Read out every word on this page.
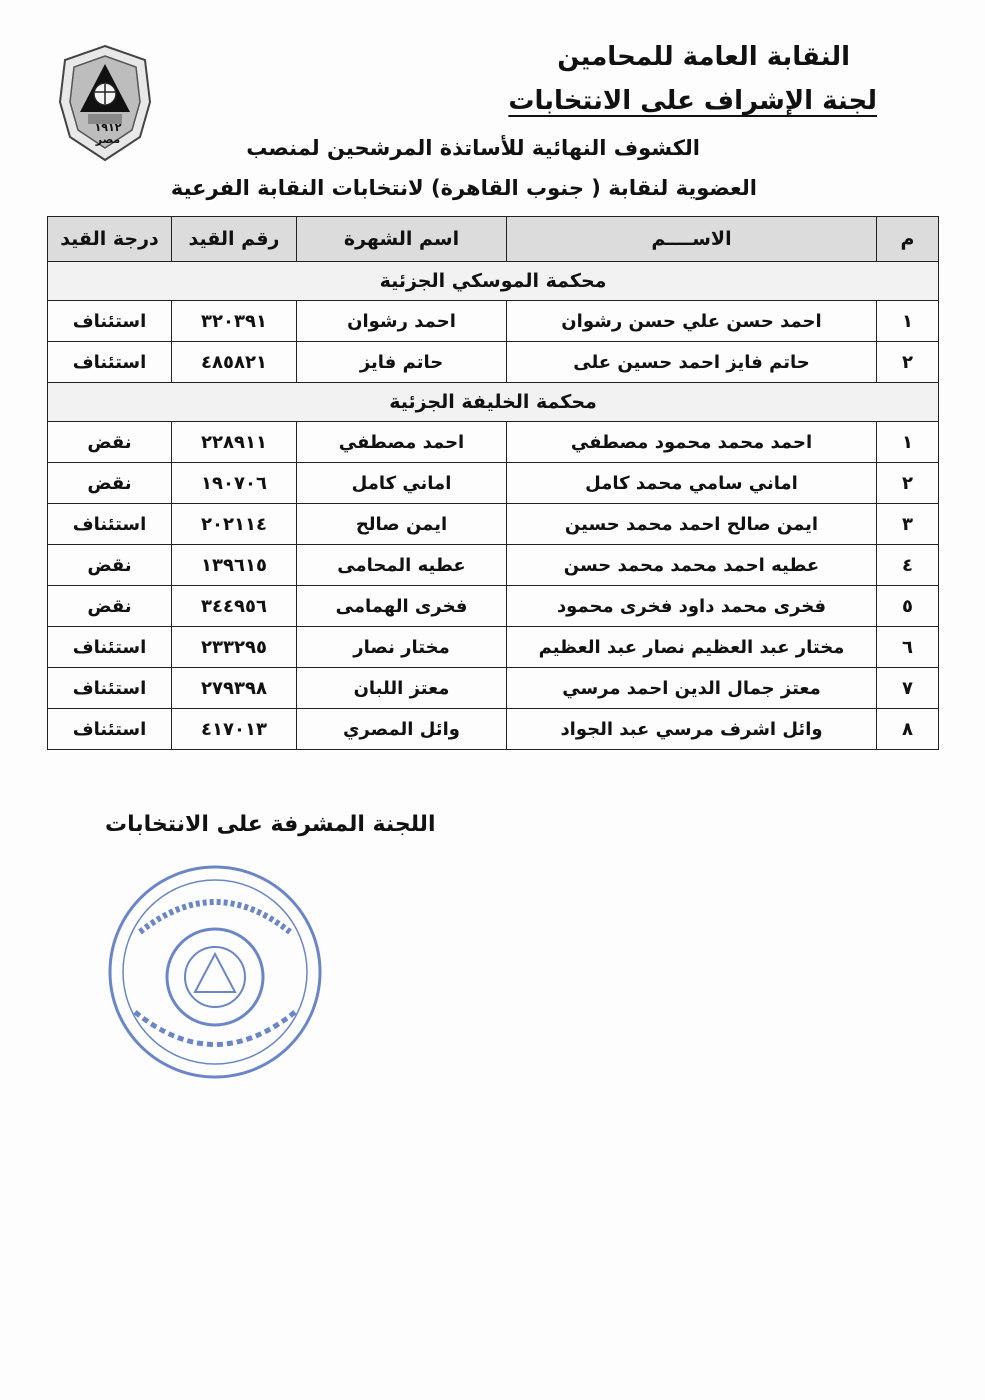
١٩١٢
مصر
النقابة العامة للمحامين
لجنة الإشراف على الانتخابات
الكشوف النهائية للأساتذة المرشحين لمنصب
العضوية لنقابة ( جنوب القاهرة) لانتخابات النقابة الفرعية
م	الاســــم	اسم الشهرة	رقم القيد	درجة القيد
محكمة الموسكي الجزئية				
١	احمد حسن علي حسن رشوان	احمد رشوان	٣٢٠٣٩١	استئناف
٢	حاتم فايز احمد حسين على	حاتم فايز	٤٨٥٨٢١	استئناف
محكمة الخليفة الجزئية				
١	احمد محمد محمود مصطفي	احمد مصطفي	٢٢٨٩١١	نقض
٢	اماني سامي محمد كامل	اماني كامل	١٩٠٧٠٦	نقض
٣	ايمن صالح احمد محمد حسين	ايمن صالح	٢٠٢١١٤	استئناف
٤	عطيه احمد محمد محمد حسن	عطيه المحامى	١٣٩٦١٥	نقض
٥	فخرى محمد داود فخرى محمود	فخرى الهمامى	٣٤٤٩٥٦	نقض
٦	مختار عبد العظيم نصار عبد العظيم	مختار نصار	٢٣٣٢٩٥	استئناف
٧	معتز جمال الدين احمد مرسي	معتز اللبان	٢٧٩٣٩٨	استئناف
٨	وائل اشرف مرسي عبد الجواد	وائل المصري	٤١٧٠١٣	استئناف
اللجنة المشرفة على الانتخابات
